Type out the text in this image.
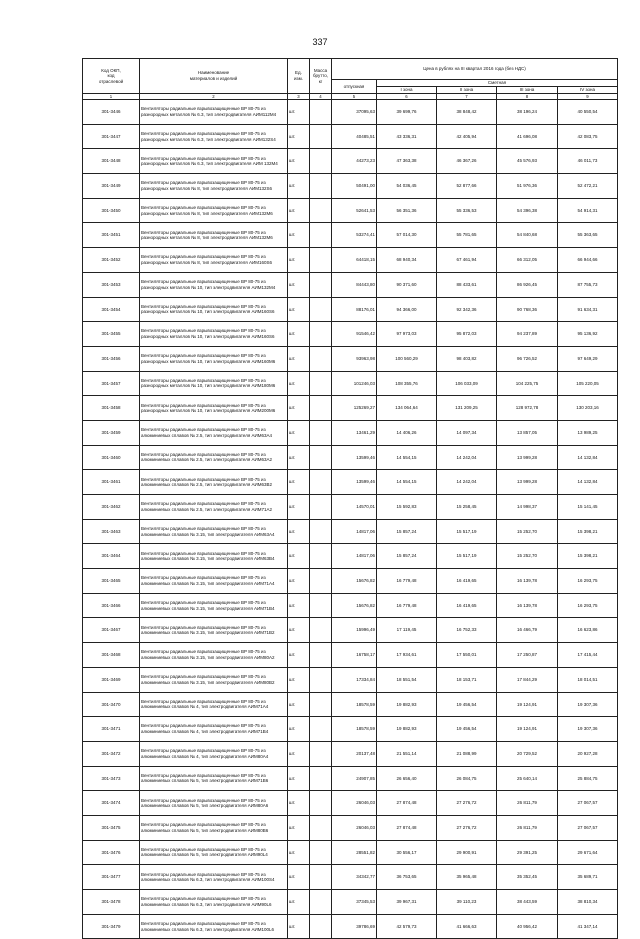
337
Код ОКП,
код
отраслевой	Наименование
материалов и изделий	Ед.
изм.	Масса
брутто,
кг	Цена в рублях на III квартал 2016 года (без НДС)				
				отпускная	Сметная			
					I зона	II зона	III зона	IV зона
1	2	3	4	5	6	7	8	9
301-3446	Вентиляторы радиальные взрывозащищенные ВР 80-75 из разнородных металлов № 6.3, тип электродвигателя АИМ112М4	шт.		37095,63	39 699,76	38 848,42	38 196,24	40 550,54
301-3447	Вентиляторы радиальные взрывозащищенные ВР 80-75 из разнородных металлов № 6.3, тип электродвигателя АИМ132S4	шт.		40485,51	43 336,31	42 405,94	41 696,08	42 083,75
301-3448	Вентиляторы радиальные взрывозащищенные ВР 80-75 из разнородных металлов № 6.3, тип электродвигателя АИМ 132М4	шт.		44273,23	47 363,38	46 367,26	45 576,93	46 011,73
301-3449	Вентиляторы радиальные взрывозащищенные ВР 80-75 из разнородных металлов № 8, тип электродвигателя АИМ132S6	шт.		50491,00	54 036,45	52 877,66	51 976,36	52 472,21
301-3450	Вентиляторы радиальные взрывозащищенные ВР 80-75 из разнородных металлов № 8, тип электродвигателя АИМ132М6	шт.		52641,53	56 351,36	55 336,53	54 396,38	54 914,31
301-3451	Вентиляторы радиальные взрывозащищенные ВР 80-75 из разнородных металлов № 8, тип электродвигателя АИМ132М6	шт.		53274,41	57 014,30	55 781,65	54 840,68	55 363,65
301-3452	Вентиляторы радиальные взрывозащищенные ВР 80-75 из разнородных металлов № 8, тип электродвигателя АИМ160S6	шт.		64418,15	68 940,34	67 461,94	66 312,05	66 944,66
301-3453	Вентиляторы радиальные взрывозащищенные ВР 80-75 из разнородных металлов № 10, тип электродвигателя АИМ132М4	шт.		84443,80	90 371,60	88 433,61	86 926,45	87 755,73
301-3454	Вентиляторы радиальные взрывозащищенные ВР 80-75 из разнородных металлов № 10, тип электродвигателя АИМ160S6	шт.		88176,01	94 366,00	92 342,36	90 768,36	91 634,31
301-3455	Вентиляторы радиальные взрывозащищенные ВР 80-75 из разнородных металлов № 10, тип электродвигателя АИМ160S6	шт.		91546,42	97 973,03	95 872,03	94 237,89	95 136,92
301-3456	Вентиляторы радиальные взрывозащищенные ВР 80-75 из разнородных металлов № 10, тип электродвигателя АИМ160М6	шт.		93963,98	100 560,29	98 403,82	96 726,52	97 649,29
301-3457	Вентиляторы радиальные взрывозащищенные ВР 80-75 из разнородных металлов № 10, тип электродвигателя АИМ180М6	шт.		101246,03	108 355,76	106 033,09	104 225,75	105 220,05
301-3458	Вентиляторы радиальные взрывозащищенные ВР 80-75 из разнородных металлов № 10, тип электродвигателя АИМ200М6	шт.		125269,27	134 064,64	131 209,25	128 972,78	130 203,16
301-3459	Вентиляторы радиальные взрывозащищенные ВР 80-75 из алюминиевых сплавов № 2.5, тип электродвигателя АИМ63А4	шт.		13461,29	14 406,26	14 097,34	13 857,05	13 989,25
301-3460	Вентиляторы радиальные взрывозащищенные ВР 80-75 из алюминиевых сплавов № 2.5, тип электродвигателя АИМ63А2	шт.		13599,46	14 554,15	14 242,04	13 999,28	14 132,84
301-3461	Вентиляторы радиальные взрывозащищенные ВР 80-75 из алюминиевых сплавов № 2.5, тип электродвигателя АИМ63В2	шт.		13599,46	14 554,15	14 242,04	13 999,28	14 132,84
301-3462	Вентиляторы радиальные взрывозащищенные ВР 80-75 из алюминиевых сплавов № 2.5, тип электродвигателя АИМ71А2	шт.		14570,01	15 592,83	15 258,45	14 998,37	15 141,45
301-3463	Вентиляторы радиальные взрывозащищенные ВР 80-75 из алюминиевых сплавов № 3.15, тип электродвигателя АИМ63А4	шт.		14817,06	15 857,24	15 517,19	15 252,70	15 398,21
301-3464	Вентиляторы радиальные взрывозащищенные ВР 80-75 из алюминиевых сплавов № 3.15, тип электродвигателя АИМ63В4	шт.		14817,06	15 857,24	15 517,19	15 252,70	15 398,21
301-3465	Вентиляторы радиальные взрывозащищенные ВР 80-75 из алюминиевых сплавов № 3.15, тип электродвигателя АИМ71А4	шт.		15676,82	16 779,48	16 419,65	16 139,78	16 293,75
301-3466	Вентиляторы радиальные взрывозащищенные ВР 80-75 из алюминиевых сплавов № 3.15, тип электродвигателя АИМ71В4	шт.		15676,82	16 779,48	16 419,65	16 139,78	16 293,75
301-3467	Вентиляторы радиальные взрывозащищенные ВР 80-75 из алюминиевых сплавов № 3.15, тип электродвигателя АИМ71В2	шт.		15996,49	17 119,45	16 752,33	16 466,79	16 623,86
301-3468	Вентиляторы радиальные взрывозащищенные ВР 80-75 из алюминиевых сплавов № 3.15, тип электродвигателя АИМ80А2	шт.		16758,17	17 934,61	17 550,01	17 250,87	17 415,44
301-3469	Вентиляторы радиальные взрывозащищенные ВР 80-75 из алюминиевых сплавов № 3.15, тип электродвигателя АИМ80В2	шт.		17334,84	18 551,54	18 153,71	17 844,29	18 014,51
301-3470	Вентиляторы радиальные взрывозащищенные ВР 80-75 из алюминиевых сплавов № 4, тип электродвигателя АИМ71А4	шт.		18578,59	19 882,93	19 456,54	19 124,91	19 307,36
301-3471	Вентиляторы радиальные взрывозащищенные ВР 80-75 из алюминиевых сплавов № 4, тип электродвигателя АИМ71В4	шт.		18578,59	19 882,93	19 456,54	19 124,91	19 307,36
301-3472	Вентиляторы радиальные взрывозащищенные ВР 80-75 из алюминиевых сплавов № 4, тип электродвигателя АИМ80А4	шт.		20137,48	21 551,14	21 088,99	20 729,52	20 927,28
301-3473	Вентиляторы радиальные взрывозащищенные ВР 80-75 из алюминиевых сплавов № 5, тип электродвигателя АИМ71В6	шт.		24907,85	26 656,40	26 084,75	25 640,14	25 884,75
301-3474	Вентиляторы радиальные взрывозащищенные ВР 80-75 из алюминиевых сплавов № 5, тип электродвигателя АИМ80А6	шт.		26046,03	27 874,48	27 276,72	26 811,79	27 067,57
301-3475	Вентиляторы радиальные взрывозащищенные ВР 80-75 из алюминиевых сплавов № 5, тип электродвигателя АИМ80В6	шт.		26046,03	27 874,48	27 276,72	26 811,79	27 067,57
301-3476	Вентиляторы радиальные взрывозащищенные ВР 80-75 из алюминиевых сплавов № 5, тип электродвигателя АИМ90L4	шт.		28551,82	30 556,17	29 900,91	29 391,25	29 671,64
301-3477	Вентиляторы радиальные взрывозащищенные ВР 80-75 из алюминиевых сплавов № 6.3, тип электродвигателя АИМ100S4	шт.		34342,77	36 753,65	35 965,48	35 352,45	35 689,71
301-3478	Вентиляторы радиальные взрывозащищенные ВР 80-75 из алюминиевых сплавов № 6.3, тип электродвигателя АИМ90L6	шт.		37345,53	39 967,31	39 110,23	38 443,59	38 810,34
301-3479	Вентиляторы радиальные взрывозащищенные ВР 80-75 из алюминиевых сплавов № 6.3, тип электродвигателя АИМ100L6	шт.		39786,69	42 579,73	41 666,63	40 956,42	41 347,14
